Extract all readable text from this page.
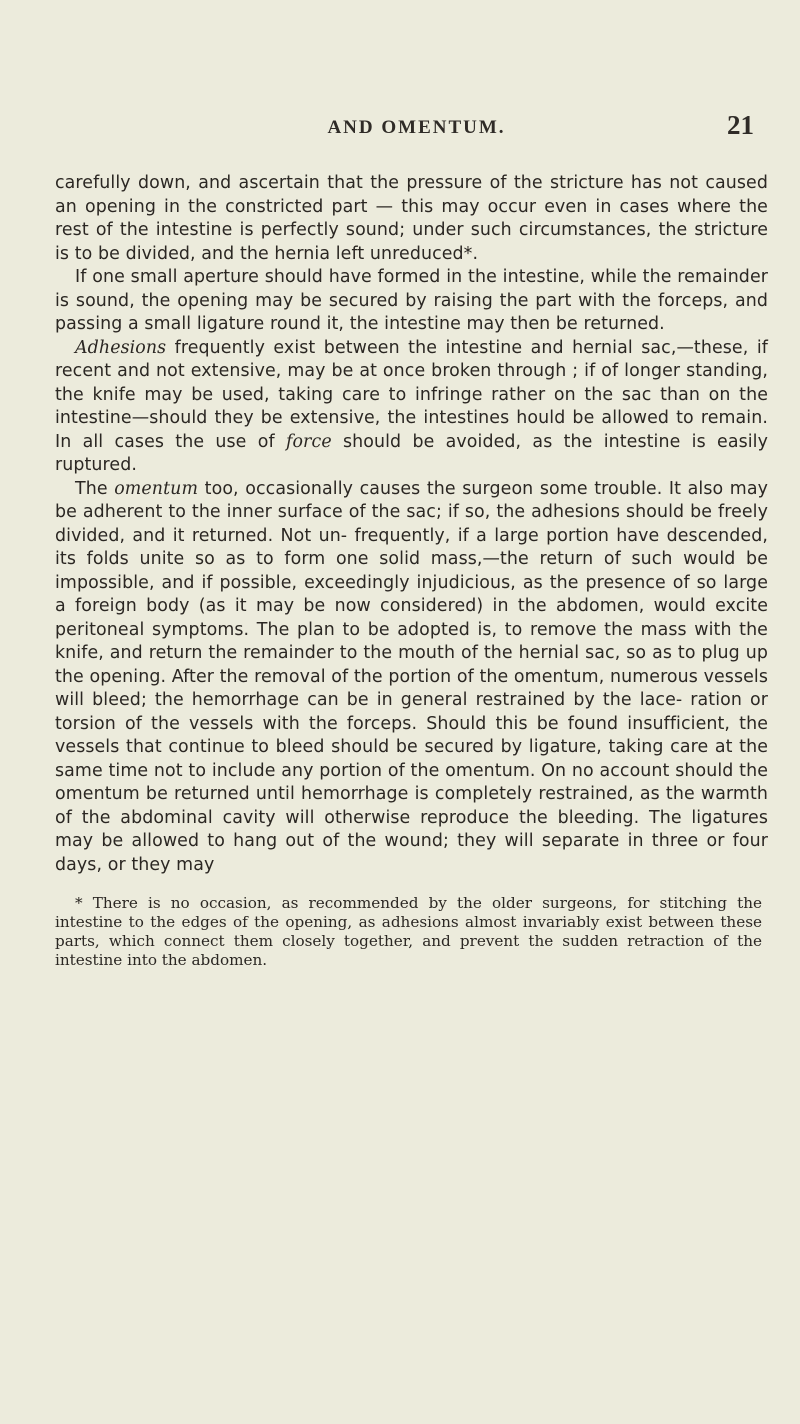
AND OMENTUM.	21

carefully down, and ascertain that the pressure of the stricture has not caused an opening in the constricted part — this may occur even in cases where the rest of the intestine is perfectly sound; under such circumstances, the stricture is to be divided, and the hernia left unreduced*.

If one small aperture should have formed in the intestine, while the remainder is sound, the opening may be secured by raising the part with the forceps, and passing a small ligature round it, the intestine may then be returned.

Adhesions frequently exist between the intestine and hernial sac,—these, if recent and not extensive, may be at once broken through ; if of longer standing, the knife may be used, taking care to infringe rather on the sac than on the intestine—should they be extensive, the intestines hould be allowed to remain. In all cases the use of force should be avoided, as the intestine is easily ruptured.

The omentum too, occasionally causes the surgeon some trouble. It also may be adherent to the inner surface of the sac; if so, the adhesions should be freely divided, and it returned. Not un- frequently, if a large portion have descended, its folds unite so as to form one solid mass,—the return of such would be impossible, and if possible, exceedingly injudicious, as the presence of so large a foreign body (as it may be now considered) in the abdomen, would excite peritoneal symptoms. The plan to be adopted is, to remove the mass with the knife, and return the remainder to the mouth of the hernial sac, so as to plug up the opening. After the removal of the portion of the omentum, numerous vessels will bleed; the hemorrhage can be in general restrained by the lace- ration or torsion of the vessels with the forceps. Should this be found insufficient, the vessels that continue to bleed should be secured by ligature, taking care at the same time not to include any portion of the omentum. On no account should the omentum be returned until hemorrhage is completely restrained, as the warmth of the abdominal cavity will otherwise reproduce the bleeding. The ligatures may be allowed to hang out of the wound; they will separate in three or four days, or they may

* There is no occasion, as recommended by the older surgeons, for stitching the intestine to the edges of the opening, as adhesions almost invariably exist between these parts, which connect them closely together, and prevent the sudden retraction of the intestine into the abdomen.
